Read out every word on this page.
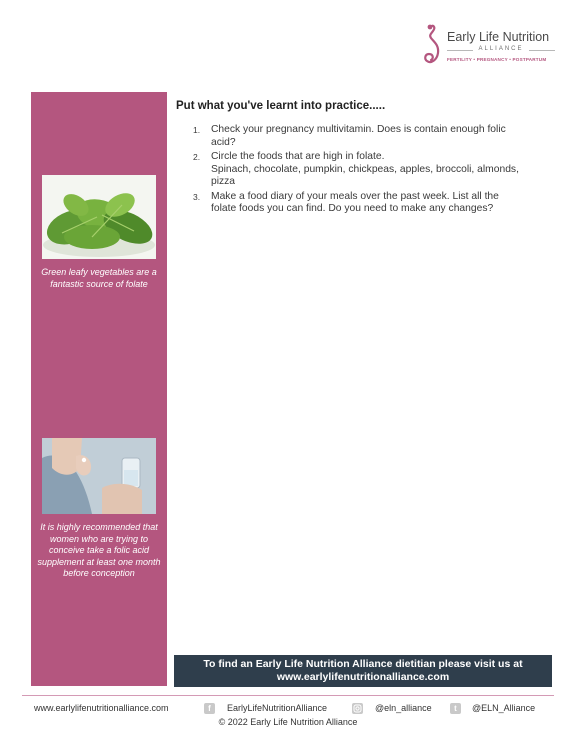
Early Life Nutrition
ALLIANCE
FERTILITY • PREGNANCY • POSTPARTUM
Green leafy vegetables are a fantastic source of folate
It is highly recommended that women who are trying to conceive take a folic acid supplement at least one month before conception
Put what you've learnt into practice.....
1. Check your pregnancy multivitamin. Does is contain enough folic
acid?
2. Circle the foods that are high in folate.
Spinach, chocolate, pumpkin, chickpeas, apples, broccoli, almonds,
pizza
3. Make a food diary of your meals over the past week. List all the
folate foods you can find. Do you need to make any changes?
To find an Early Life Nutrition Alliance dietitian please visit us at
www.earlylifenutritionalliance.com
www.earlylifenutritionalliance.com	f	EarlyLifeNutritionAlliance	@eln_alliance	t	@ELN_Alliance
© 2022 Early Life Nutrition Alliance
